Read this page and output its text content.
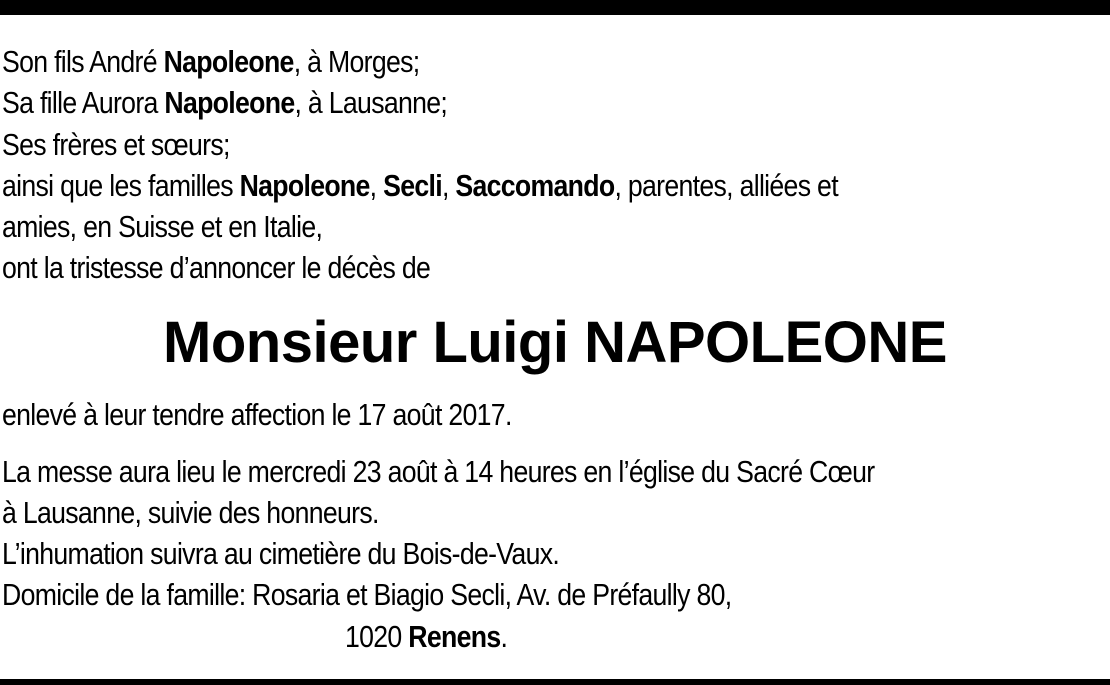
Son fils André Napoleone, à Morges;
Sa fille Aurora Napoleone, à Lausanne;
Ses frères et sœurs;
ainsi que les familles Napoleone, Secli, Saccomando, parentes, alliées et
amies, en Suisse et en Italie,
ont la tristesse d’annoncer le décès de
Monsieur Luigi NAPOLEONE
enlevé à leur tendre affection le 17 août 2017.
La messe aura lieu le mercredi 23 août à 14 heures en l’église du Sacré Cœur
à Lausanne, suivie des honneurs.
L’inhumation suivra au cimetière du Bois-de-Vaux.
Domicile de la famille: Rosaria et Biagio Secli, Av. de Préfaully 80,
1020 Renens.
